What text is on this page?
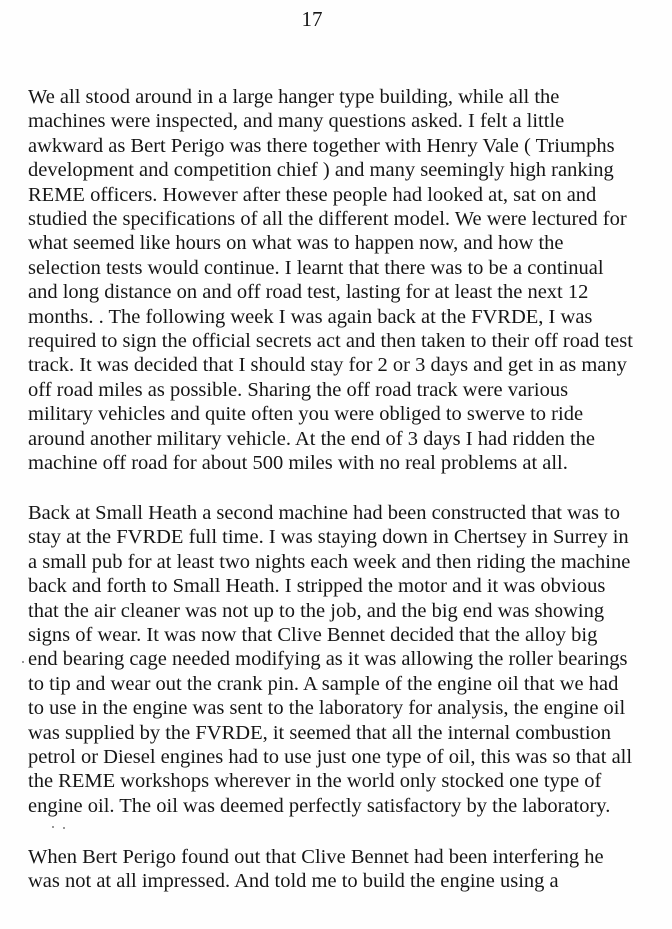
17

We all stood around in a large hanger type building, while all the
machines were inspected, and many questions asked. I felt a little
awkward as Bert Perigo was there together with Henry Vale ( Triumphs
development and competition chief ) and many seemingly high ranking
REME officers. However after these people had looked at, sat on and
studied the specifications of all the different model. We were lectured for
what seemed like hours on what was to happen now, and how the
selection tests would continue. I learnt that there was to be a continual
and long distance on and off road test, lasting for at least the next 12
months. . The following week I was again back at the FVRDE, I was
required to sign the official secrets act and then taken to their off road test
track. It was decided that I should stay for 2 or 3 days and get in as many
off road miles as possible. Sharing the off road track were various
military vehicles and quite often you were obliged to swerve to ride
around another military vehicle. At the end of 3 days I had ridden the
machine off road for about 500 miles with no real problems at all.

Back at Small Heath a second machine had been constructed that was to
stay at the FVRDE full time. I was staying down in Chertsey in Surrey in
a small pub for at least two nights each week and then riding the machine
back and forth to Small Heath. I stripped the motor and it was obvious
that the air cleaner was not up to the job, and the big end was showing
signs of wear. It was now that Clive Bennet decided that the alloy big
end bearing cage needed modifying as it was allowing the roller bearings
to tip and wear out the crank pin. A sample of the engine oil that we had
to use in the engine was sent to the laboratory for analysis, the engine oil
was supplied by the FVRDE, it seemed that all the internal combustion
petrol or Diesel engines had to use just one type of oil, this was so that all
the REME workshops wherever in the world only stocked one type of
engine oil. The oil was deemed perfectly satisfactory by the laboratory.

When Bert Perigo found out that Clive Bennet had been interfering he
was not at all impressed. And told me to build the engine using a
